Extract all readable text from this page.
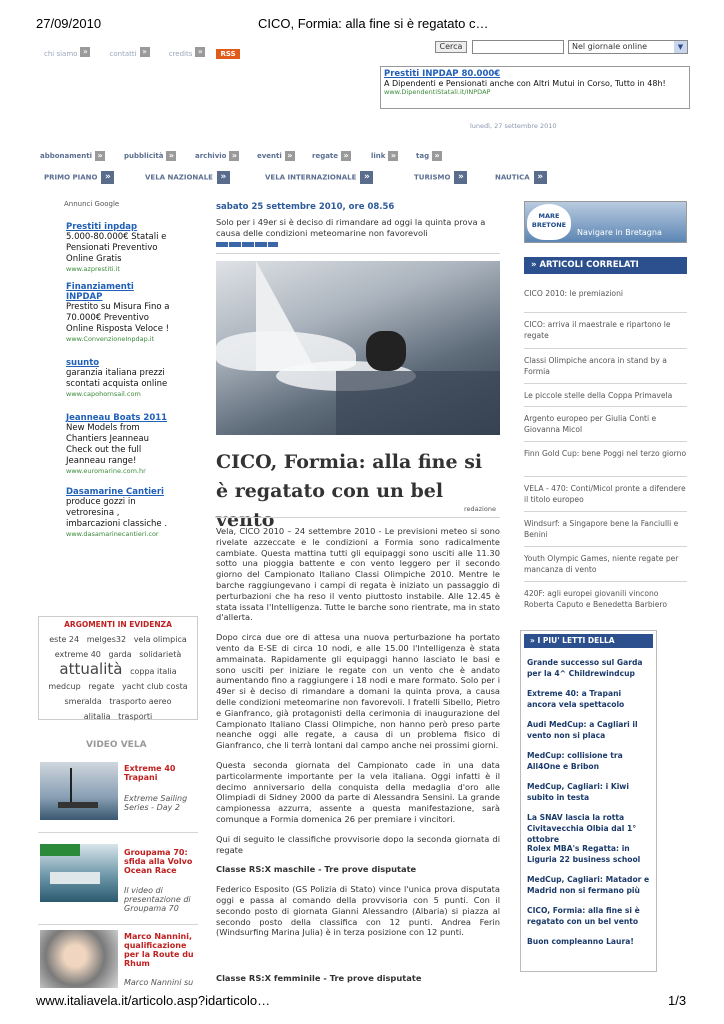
27/09/2010	CICO, Formia: alla fine si è regatato c…
chi siamo »	contatti »	credits »	RSS
Cerca	Nel giornale online	▼
Prestiti INPDAP 80.000€
A Dipendenti e Pensionati anche con Altri Mutui in Corso, Tutto in 48h!
www.DipendentiStatali.it/INPDAP
lunedì, 27 settembre 2010
abbonamenti »	pubblicità »	archivio »	eventi »	regate »	link »	tag »
PRIMO PIANO »	VELA NAZIONALE »	VELA INTERNAZIONALE »	TURISMO »	NAUTICA »
Annunci Google
Prestiti inpdap
5.000-80.000€ Statali e Pensionati Preventivo Online Gratis
www.azprestiti.it
Finanziamenti INPDAP
Prestito su Misura Fino a 70.000€ Preventivo Online Risposta Veloce !
www.ConvenzioneInpdap.it
suunto
garanzia italiana prezzi scontati acquista online
www.capohornsail.com
Jeanneau Boats 2011
New Models from Chantiers Jeanneau Check out the full Jeanneau range!
www.euromarine.com.hr
Dasamarine Cantieri
produce gozzi in vetroresina , imbarcazioni classiche .
www.dasamarinecantieri.cor
ARGOMENTI IN EVIDENZA
este 24 melges32 vela olimpica
extreme 40 garda solidarietà
attualità coppa italia
medcup regate yacht club costa
smeralda trasporto aereo
alitalia trasporti
VIDEO VELA
Extreme 40 Trapani
Extreme Sailing Series - Day 2
Groupama 70: sfida alla Volvo Ocean Race
Il video di presentazione di Groupama 70
Marco Nannini, qualificazione per la Route du Rhum
Marco Nannini su
sabato 25 settembre 2010, ore 08.56
Solo per i 49er si è deciso di rimandare ad oggi la quinta prova a causa delle condizioni meteomarine non favorevoli
CICO, Formia: alla fine si è regatato con un bel vento	redazione

Vela, CICO 2010 – 24 settembre 2010 - Le previsioni meteo si sono rivelate azzeccate e le condizioni a Formia sono radicalmente cambiate. Questa mattina tutti gli equipaggi sono usciti alle 11.30 sotto una pioggia battente e con vento leggero per il secondo giorno del Campionato Italiano Classi Olimpiche 2010. Mentre le barche raggiungevano i campi di regata è iniziato un passaggio di perturbazioni che ha reso il vento piuttosto instabile. Alle 12.45 è stata issata l'Intelligenza. Tutte le barche sono rientrate, ma in stato d'allerta.

Dopo circa due ore di attesa una nuova perturbazione ha portato vento da E-SE di circa 10 nodi, e alle 15.00 l'Intelligenza è stata ammainata. Rapidamente gli equipaggi hanno lasciato le basi e sono usciti per iniziare le regate con un vento che è andato aumentando fino a raggiungere i 18 nodi e mare formato. Solo per i 49er si è deciso di rimandare a domani la quinta prova, a causa delle condizioni meteomarine non favorevoli. I fratelli Sibello, Pietro e Gianfranco, già protagonisti della cerimonia di inaugurazione del Campionato Italiano Classi Olimpiche, non hanno però preso parte neanche oggi alle regate, a causa di un problema fisico di Gianfranco, che li terrà lontani dal campo anche nei prossimi giorni.

Questa seconda giornata del Campionato cade in una data particolarmente importante per la vela italiana. Oggi infatti è il decimo anniversario della conquista della medaglia d'oro alle Olimpiadi di Sidney 2000 da parte di Alessandra Sensini. La grande campionessa azzurra, assente a questa manifestazione, sarà comunque a Formia domenica 26 per premiare i vincitori.

Qui di seguito le classifiche provvisorie dopo la seconda giornata di regate

Classe RS:X maschile - Tre prove disputate

Federico Esposito (GS Polizia di Stato) vince l'unica prova disputata oggi e passa al comando della provvisoria con 5 punti. Con il secondo posto di giornata Gianni Alessandro (Albaria) si piazza al secondo posto della classifica con 12 punti. Andrea Ferin (Windsurfing Marina Julia) è in terza posizione con 12 punti.

Classe RS:X femminile - Tre prove disputate
MARE BRETONE
Navigare in Bretagna
» ARTICOLI CORRELATI
CICO 2010: le premiazioni
CICO: arriva il maestrale e ripartono le regate
Classi Olimpiche ancora in stand by a Formia
Le piccole stelle della Coppa Primavela
Argento europeo per Giulia Conti e Giovanna Micol
Finn Gold Cup: bene Poggi nel terzo giorno
VELA - 470: Conti/Micol pronte a difendere il titolo europeo
Windsurf: a Singapore bene la Fanciulli e Benini
Youth Olympic Games, niente regate per mancanza di vento
420F: agli europei giovanili vincono Roberta Caputo e Benedetta Barbiero
» I PIU' LETTI DELLA SETTIMANA
Grande successo sul Garda per la 4^ Childrewindcup
Extreme 40: a Trapani ancora vela spettacolo
Audi MedCup: a Cagliari il vento non si placa
MedCup: collisione tra All4One e Bribon
MedCup, Cagliari: i Kiwi subito in testa
La SNAV lascia la rotta Civitavecchia Olbia dal 1° ottobre
Rolex MBA's Regatta: in Liguria 22 business school
MedCup, Cagliari: Matador e Madrid non si fermano più
CICO, Formia: alla fine si è regatato con un bel vento
Buon compleanno Laura!
www.italiavela.it/articolo.asp?idarticolo…	1/3
